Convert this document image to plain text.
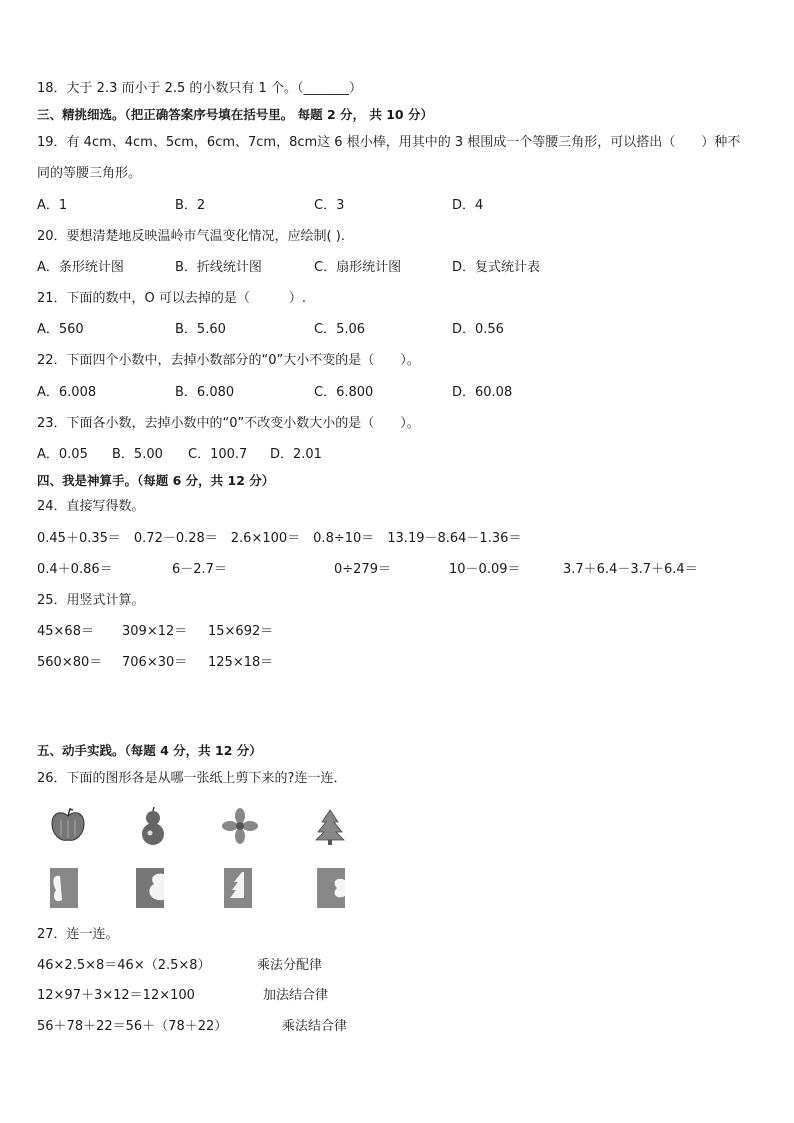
18．大于 2.3 而小于 2.5 的小数只有 1 个。（_______）
三、精挑细选。（把正确答案序号填在括号里。 每题 2 分， 共 10 分）
19．有 4cm、4cm、5cm，6cm、7cm，8cm这 6 根小棒，用其中的 3 根围成一个等腰三角形，可以搭出（　　）种不
同的等腰三角形。
A．1	B．2	C．3	D．4
20．要想清楚地反映温岭市气温变化情况，应绘制( ).
A．条形统计图	B．折线统计图	C．扇形统计图	D．复式统计表
21．下面的数中，O 可以去掉的是（　　　）.
A．560	B．5.60	C．5.06	D．0.56
22．下面四个小数中，去掉小数部分的“0”大小不变的是（　　）。
A．6.008	B．6.080	C．6.800	D．60.08
23．下面各小数，去掉小数中的“0”不改变小数大小的是（　　）。
A．0.05 B．5.00 C．100.7 D．2.01
四、我是神算手。（每题 6 分，共 12 分）
24．直接写得数。
0.45＋0.35＝　0.72－0.28＝　2.6×100＝　0.8÷10＝　13.19－8.64－1.36＝
0.4＋0.86＝	6－2.7＝	0÷279＝	10－0.09＝	3.7＋6.4－3.7＋6.4＝
25．用竖式计算。
45×68＝ 309×12＝ 15×692＝
560×80＝ 706×30＝ 125×18＝
五、动手实践。（每题 4 分，共 12 分）
26．下面的图形各是从哪一张纸上剪下来的?连一连．
27．连一连。
46×2.5×8＝46×（2.5×8）	乘法分配律
12×97＋3×12＝12×100	加法结合律
56＋78＋22＝56＋（78＋22）	乘法结合律
